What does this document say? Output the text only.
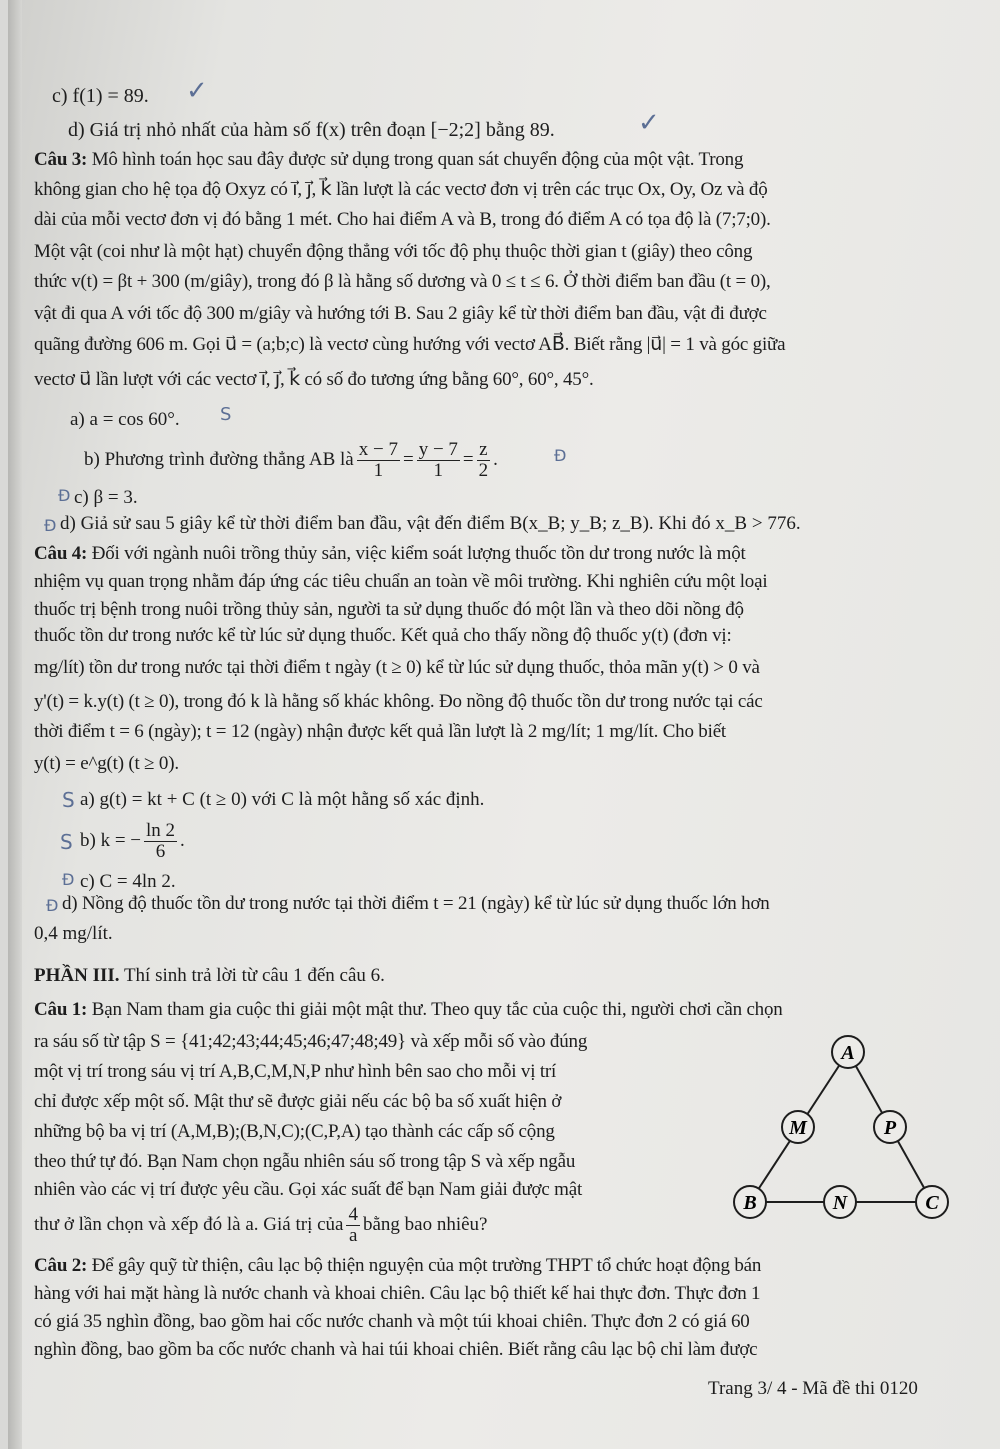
c) f(1) = 89. ✓
d) Giá trị nhỏ nhất của hàm số f(x) trên đoạn [−2;2] bằng 89.	✓
Câu 3: Mô hình toán học sau đây được sử dụng trong quan sát chuyển động của một vật. Trong
không gian cho hệ tọa độ Oxyz có i⃗, j⃗, k⃗ lần lượt là các vectơ đơn vị trên các trục Ox, Oy, Oz và độ
dài của mỗi vectơ đơn vị đó bằng 1 mét. Cho hai điểm A và B, trong đó điểm A có tọa độ là (7;7;0).
Một vật (coi như là một hạt) chuyển động thẳng với tốc độ phụ thuộc thời gian t (giây) theo công
thức v(t) = βt + 300 (m/giây), trong đó β là hằng số dương và 0 ≤ t ≤ 6. Ở thời điểm ban đầu (t = 0),
vật đi qua A với tốc độ 300 m/giây và hướng tới B. Sau 2 giây kể từ thời điểm ban đầu, vật đi được
quãng đường 606 m. Gọi u⃗ = (a;b;c) là vectơ cùng hướng với vectơ AB⃗. Biết rằng |u⃗| = 1 và góc giữa
vectơ u⃗ lần lượt với các vectơ i⃗, j⃗, k⃗ có số đo tương ứng bằng 60°, 60°, 45°.
a) a = cos 60°. S
b) Phương trình đường thẳng AB là $\frac{x - 7}{1} = \frac{y - 7}{1} = \frac{z}{2}$ .	Đ
Đ c) β = 3.
Đ d) Giả sử sau 5 giây kể từ thời điểm ban đầu, vật đến điểm B(x_B; y_B; z_B). Khi đó x_B > 776.
Câu 4: Đối với ngành nuôi trồng thủy sản, việc kiểm soát lượng thuốc tồn dư trong nước là một
nhiệm vụ quan trọng nhằm đáp ứng các tiêu chuẩn an toàn về môi trường. Khi nghiên cứu một loại
thuốc trị bệnh trong nuôi trồng thủy sản, người ta sử dụng thuốc đó một lần và theo dõi nồng độ
thuốc tồn dư trong nước kể từ lúc sử dụng thuốc. Kết quả cho thấy nồng độ thuốc y(t) (đơn vị:
mg/lít) tồn dư trong nước tại thời điểm t ngày (t ≥ 0) kể từ lúc sử dụng thuốc, thỏa mãn y(t) > 0 và
y'(t) = k.y(t) (t ≥ 0), trong đó k là hằng số khác không. Đo nồng độ thuốc tồn dư trong nước tại các
thời điểm t = 6 (ngày); t = 12 (ngày) nhận được kết quả lần lượt là 2 mg/lít; 1 mg/lít. Cho biết
y(t) = e^g(t) (t ≥ 0).
S a) g(t) = kt + C (t ≥ 0) với C là một hằng số xác định.
S b) k = − $\frac{\ln 2}{6}$ .
Đ c) C = 4ln 2.
Đ d) Nồng độ thuốc tồn dư trong nước tại thời điểm t = 21 (ngày) kể từ lúc sử dụng thuốc lớn hơn
0,4 mg/lít.
PHẦN III. Thí sinh trả lời từ câu 1 đến câu 6.
Câu 1: Bạn Nam tham gia cuộc thi giải một mật thư. Theo quy tắc của cuộc thi, người chơi cần chọn
ra sáu số từ tập S = {41;42;43;44;45;46;47;48;49} và xếp mỗi số vào đúng
một vị trí trong sáu vị trí A,B,C,M,N,P như hình bên sao cho mỗi vị trí
chỉ được xếp một số. Mật thư sẽ được giải nếu các bộ ba số xuất hiện ở
những bộ ba vị trí (A,M,B);(B,N,C);(C,P,A) tạo thành các cấp số cộng
theo thứ tự đó. Bạn Nam chọn ngẫu nhiên sáu số trong tập S và xếp ngẫu
nhiên vào các vị trí được yêu cầu. Gọi xác suất để bạn Nam giải được mật
thư ở lần chọn và xếp đó là a. Giá trị của $\frac{4}{a}$ bằng bao nhiêu?
A
M	P
B	N	C
Câu 2: Để gây quỹ từ thiện, câu lạc bộ thiện nguyện của một trường THPT tổ chức hoạt động bán
hàng với hai mặt hàng là nước chanh và khoai chiên. Câu lạc bộ thiết kế hai thực đơn. Thực đơn 1
có giá 35 nghìn đồng, bao gồm hai cốc nước chanh và một túi khoai chiên. Thực đơn 2 có giá 60
nghìn đồng, bao gồm ba cốc nước chanh và hai túi khoai chiên. Biết rằng câu lạc bộ chỉ làm được
Trang 3/ 4 - Mã đề thi 0120
